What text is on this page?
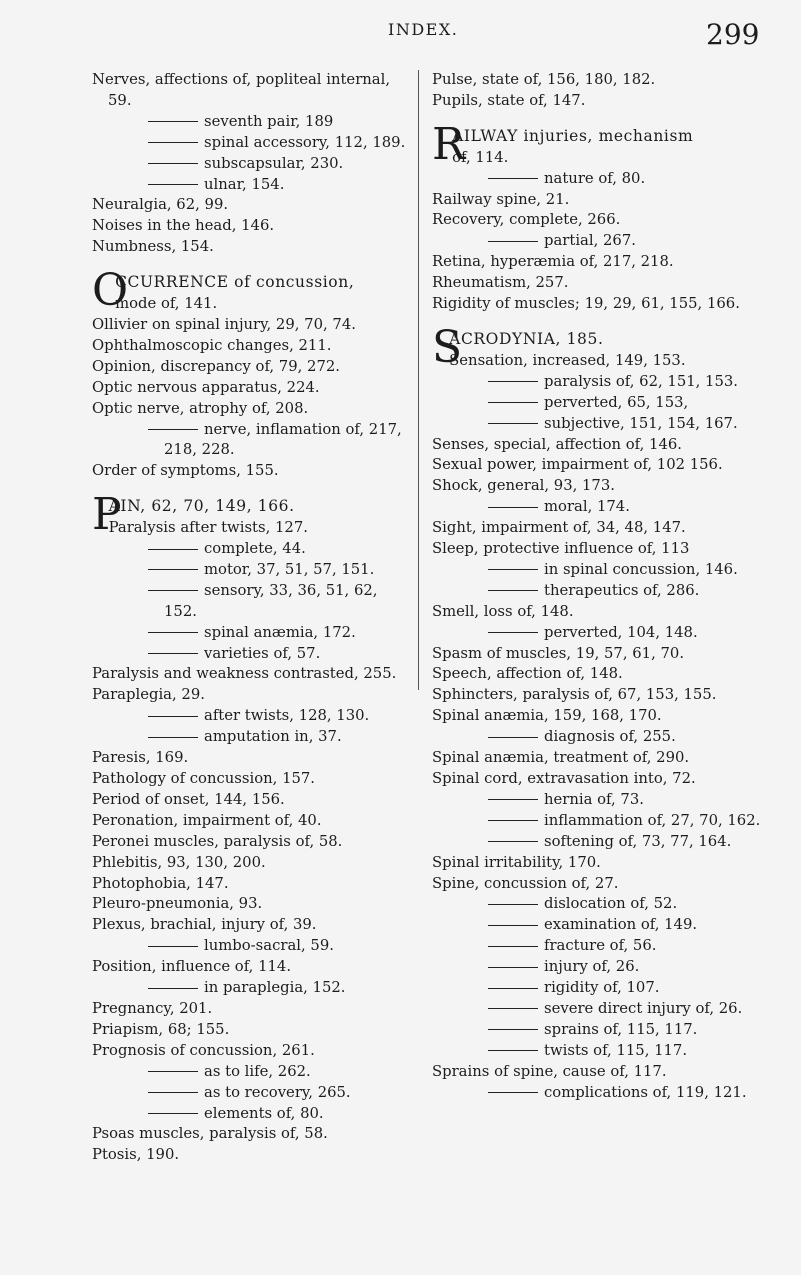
INDEX.	299

Nerves, affections of, popliteal internal, 59.

seventh pair, 189

spinal accessory, 112, 189.

subscapsular, 230.

ulnar, 154.

Neuralgia, 62, 99.

Noises in the head, 146.

Numbness, 154.

O
CCURRENCE of concussion,
mode of, 141.

Ollivier on spinal injury, 29, 70, 74.

Ophthalmoscopic changes, 211.

Opinion, discrepancy of, 79, 272.

Optic nervous apparatus, 224.

Optic nerve, atrophy of, 208.

nerve, inflamation of, 217, 218, 228.

Order of symptoms, 155.

P
AIN, 62, 70, 149, 166.
Paralysis after twists, 127.

complete, 44.

motor, 37, 51, 57, 151.

sensory, 33, 36, 51, 62, 152.

spinal anæmia, 172.

varieties of, 57.

Paralysis and weakness contrasted, 255.

Paraplegia, 29.

after twists, 128, 130.

amputation in, 37.

Paresis, 169.

Pathology of concussion, 157.

Period of onset, 144, 156.

Peronation, impairment of, 40.

Peronei muscles, paralysis of, 58.

Phlebitis, 93, 130, 200.

Photophobia, 147.

Pleuro-pneumonia, 93.

Plexus, brachial, injury of, 39.

lumbo-sacral, 59.

Position, influence of, 114.

in paraplegia, 152.

Pregnancy, 201.

Priapism, 68; 155.

Prognosis of concussion, 261.

as to life, 262.

as to recovery, 265.

elements of, 80.

Psoas muscles, paralysis of, 58.

Ptosis, 190.

Pulse, state of, 156, 180, 182.

Pupils, state of, 147.

R
AILWAY injuries, mechanism
of, 114.

nature of, 80.

Railway spine, 21.

Recovery, complete, 266.

partial, 267.

Retina, hyperæmia of, 217, 218.

Rheumatism, 257.

Rigidity of muscles; 19, 29, 61, 155, 166.

S
ACRODYNIA, 185.
Sensation, increased, 149, 153.

paralysis of, 62, 151, 153.

perverted, 65, 153,

subjective, 151, 154, 167.

Senses, special, affection of, 146.

Sexual power, impairment of, 102 156.

Shock, general, 93, 173.

moral, 174.

Sight, impairment of, 34, 48, 147.

Sleep, protective influence of, 113

in spinal concussion, 146.

therapeutics of, 286.

Smell, loss of, 148.

perverted, 104, 148.

Spasm of muscles, 19, 57, 61, 70.

Speech, affection of, 148.

Sphincters, paralysis of, 67, 153, 155.

Spinal anæmia, 159, 168, 170.

diagnosis of, 255.

Spinal anæmia, treatment of, 290.

Spinal cord, extravasation into, 72.

hernia of, 73.

inflammation of, 27, 70, 162.

softening of, 73, 77, 164.

Spinal irritability, 170.

Spine, concussion of, 27.

dislocation of, 52.

examination of, 149.

fracture of, 56.

injury of, 26.

rigidity of, 107.

severe direct injury of, 26.

sprains of, 115, 117.

twists of, 115, 117.

Sprains of spine, cause of, 117.

complications of, 119, 121.
